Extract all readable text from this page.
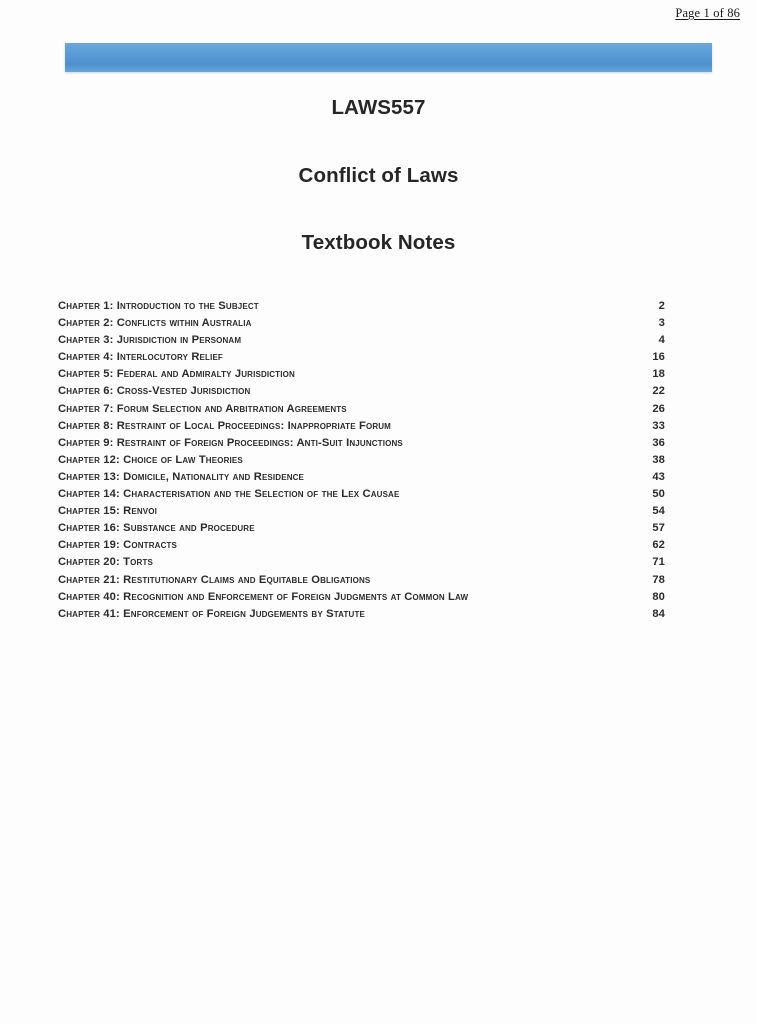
Page 1 of 86
LAWS557
Conflict of Laws
Textbook Notes
Chapter 1: Introduction to the Subject	2
Chapter 2: Conflicts within Australia	3
Chapter 3: Jurisdiction in Personam	4
Chapter 4: Interlocutory Relief	16
Chapter 5: Federal and Admiralty Jurisdiction	18
Chapter 6: Cross-Vested Jurisdiction	22
Chapter 7: Forum Selection and Arbitration Agreements	26
Chapter 8: Restraint of Local Proceedings: Inappropriate Forum	33
Chapter 9: Restraint of Foreign Proceedings: Anti-Suit Injunctions	36
Chapter 12: Choice of Law Theories	38
Chapter 13: Domicile, Nationality and Residence	43
Chapter 14: Characterisation and the Selection of the Lex Causae	50
Chapter 15: Renvoi	54
Chapter 16: Substance and Procedure	57
Chapter 19: Contracts	62
Chapter 20: Torts	71
Chapter 21: Restitutionary Claims and Equitable Obligations	78
Chapter 40: Recognition and Enforcement of Foreign Judgments at Common Law	80
Chapter 41: Enforcement of Foreign Judgements by Statute	84
